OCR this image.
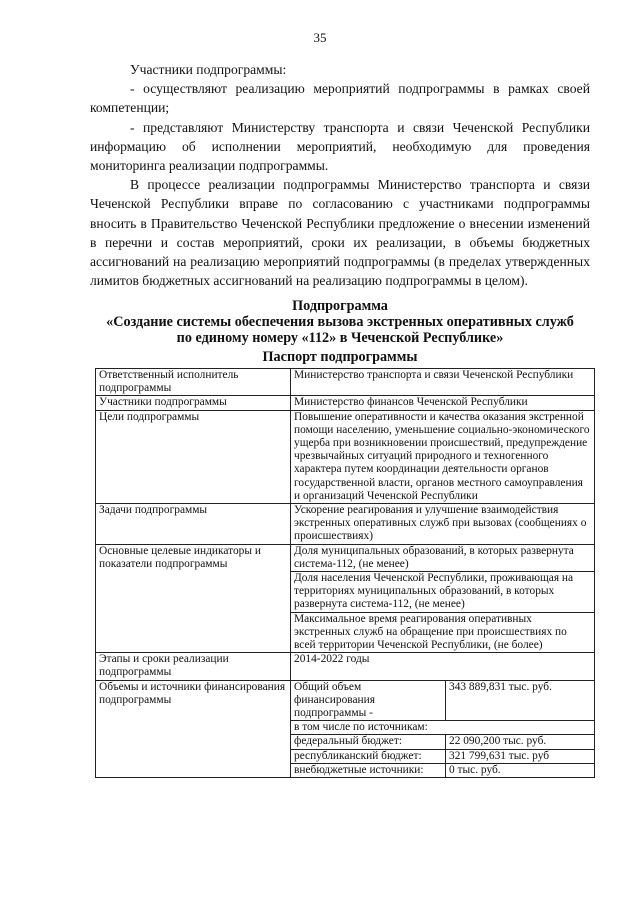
35

Участники подпрограммы:

- осуществляют реализацию мероприятий подпрограммы в рамках своей компетенции;

- представляют Министерству транспорта и связи Чеченской Республики информацию об исполнении мероприятий, необходимую для проведения мониторинга реализации подпрограммы.

В процессе реализации подпрограммы Министерство транспорта и связи Чеченской Республики вправе по согласованию с участниками подпрограммы вносить в Правительство Чеченской Республики предложение о внесении изменений в перечни и состав мероприятий, сроки их реализации, в объемы бюджетных ассигнований на реализацию мероприятий подпрограммы (в пределах утвержденных лимитов бюджетных ассигнований на реализацию подпрограммы в целом).

Подпрограмма
«Создание системы обеспечения вызова экстренных оперативных служб
по единому номеру «112» в Чеченской Республике»
Паспорт подпрограммы
Ответственный исполнитель подпрограммы	Министерство транспорта и связи Чеченской Республики
Участники подпрограммы	Министерство финансов Чеченской Республики
Цели подпрограммы	Повышение оперативности и качества оказания экстренной помощи населению, уменьшение социально-экономического ущерба при возникновении происшествий, предупреждение чрезвычайных ситуаций природного и техногенного характера путем координации деятельности органов государственной власти, органов местного самоуправления и организаций Чеченской Республики
Задачи подпрограммы	Ускорение реагирования и улучшение взаимодействия экстренных оперативных служб при вызовах (сообщениях о происшествиях)
Основные целевые индикаторы и показатели подпрограммы	Доля муниципальных образований, в которых развернута система-112, (не менее)
Доля населения Чеченской Республики, проживающая на территориях муниципальных образований, в которых развернута система-112, (не менее)
Максимальное время реагирования оперативных экстренных служб на обращение при происшествиях по всей территории Чеченской Республики, (не более)
Этапы и сроки реализации подпрограммы	2014-2022 годы
Объемы и источники финансирования подпрограммы	
Общий объем финансирования подпрограммы -	343 889,831 тыс. руб.
в том числе по источникам:
федеральный бюджет:	22 090,200 тыс. руб.
республиканский бюджет:	321 799,631 тыс. руб
внебюджетные источники:	0 тыс. руб.
